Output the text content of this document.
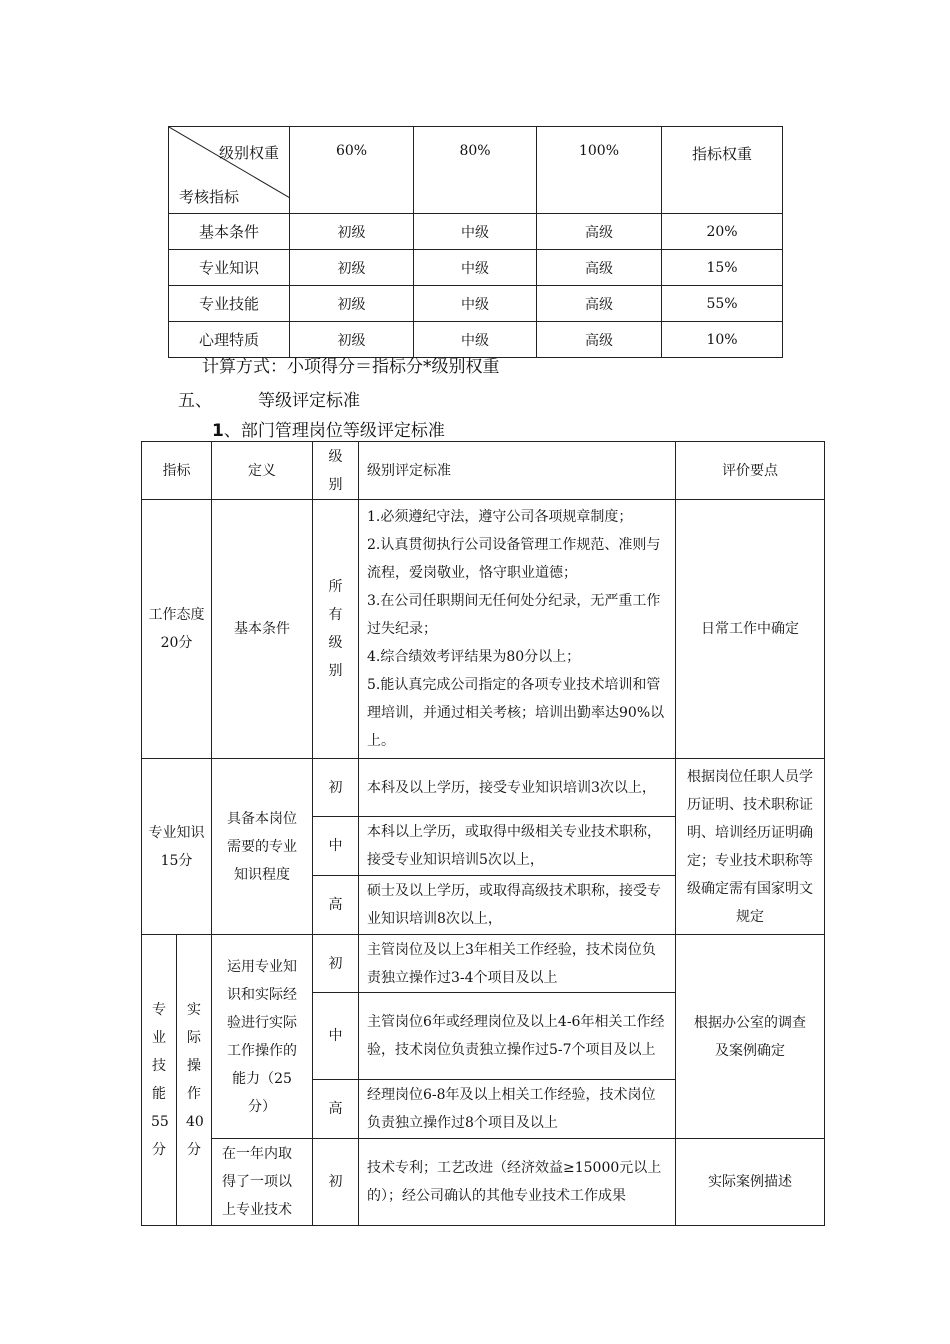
级别权重
考核指标	60%	80%	100%	指标权重
基本条件	初级	中级	高级	20%
专业知识	初级	中级	高级	15%
专业技能	初级	中级	高级	55%
心理特质	初级	中级	高级	10%
计算方式：小项得分＝指标分*级别权重
五、	等级评定标准
1、部门管理岗位等级评定标准
指标		定义	级别	级别评定标准	评价要点
工作态度20分		基本条件	所有级别	1.必须遵纪守法，遵守公司各项规章制度；
2.认真贯彻执行公司设备管理工作规范、准则与流程，爱岗敬业，恪守职业道德；
3.在公司任职期间无任何处分纪录，无严重工作过失纪录；
4.综合绩效考评结果为80分以上；
5.能认真完成公司指定的各项专业技术培训和管理培训，并通过相关考核；培训出勤率达90%以上。	日常工作中确定
专业知识15分		具备本岗位需要的专业知识程度	初	本科及以上学历，接受专业知识培训3次以上，	根据岗位任职人员学历证明、技术职称证明、培训经历证明确定；专业技术职称等级确定需有国家明文规定
			中	本科以上学历，或取得中级相关专业技术职称，接受专业知识培训5次以上，	
			高	硕士及以上学历，或取得高级技术职称，接受专业知识培训8次以上，	
专业技能55分	实际操作40分	运用专业知识和实际经验进行实际工作操作的能力（25分）	初	主管岗位及以上3年相关工作经验，技术岗位负责独立操作过3-4个项目及以上	根据办公室的调查及案例确定
			中	主管岗位6年或经理岗位及以上4-6年相关工作经验，技术岗位负责独立操作过5-7个项目及以上	
			高	经理岗位6-8年及以上相关工作经验，技术岗位负责独立操作过8个项目及以上	
		在一年内取得了一项以上专业技术	初	技术专利；工艺改进（经济效益≥15000元以上的）；经公司确认的其他专业技术工作成果	实际案例描述
